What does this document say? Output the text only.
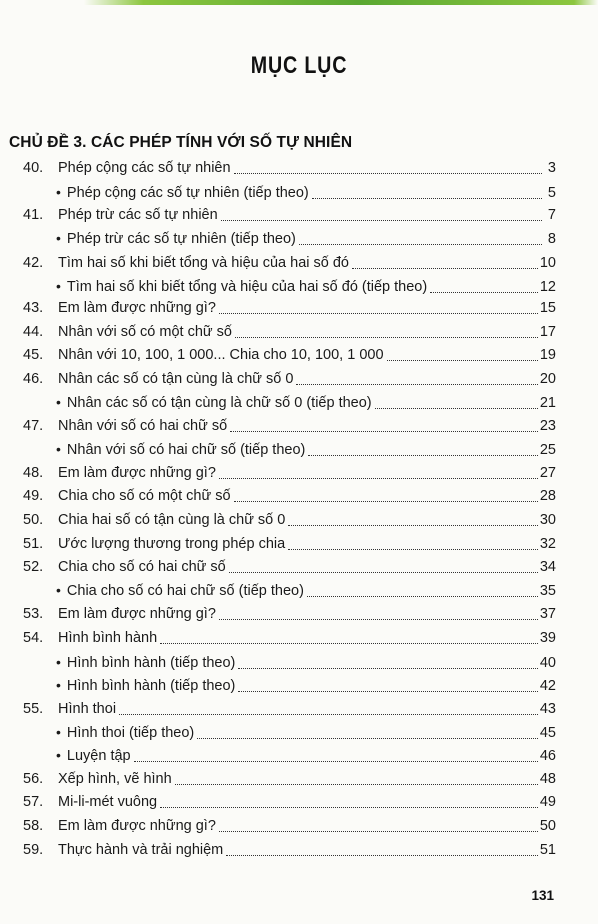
MỤC LỤC
CHỦ ĐỀ 3. CÁC PHÉP TÍNH VỚI SỐ TỰ NHIÊN
40. Phép cộng các số tự nhiên	3
• Phép cộng các số tự nhiên (tiếp theo)	5
41. Phép trừ các số tự nhiên	7
• Phép trừ các số tự nhiên (tiếp theo)	8
42. Tìm hai số khi biết tổng và hiệu của hai số đó	10
• Tìm hai số khi biết tổng và hiệu của hai số đó (tiếp theo)	12
43. Em làm được những gì?	15
44. Nhân với số có một chữ số	17
45. Nhân với 10, 100, 1 000... Chia cho 10, 100, 1 000	19
46. Nhân các số có tận cùng là chữ số 0	20
• Nhân các số có tận cùng là chữ số 0 (tiếp theo)	21
47. Nhân với số có hai chữ số	23
• Nhân với số có hai chữ số (tiếp theo)	25
48. Em làm được những gì?	27
49. Chia cho số có một chữ số	28
50. Chia hai số có tận cùng là chữ số 0	30
51. Ước lượng thương trong phép chia	32
52. Chia cho số có hai chữ số	34
• Chia cho số có hai chữ số (tiếp theo)	35
53. Em làm được những gì?	37
54. Hình bình hành	39
• Hình bình hành (tiếp theo)	40
• Hình bình hành (tiếp theo)	42
55. Hình thoi	43
• Hình thoi (tiếp theo)	45
• Luyện tập	46
56. Xếp hình, vẽ hình	48
57. Mi-li-mét vuông	49
58. Em làm được những gì?	50
59. Thực hành và trải nghiệm	51
131
